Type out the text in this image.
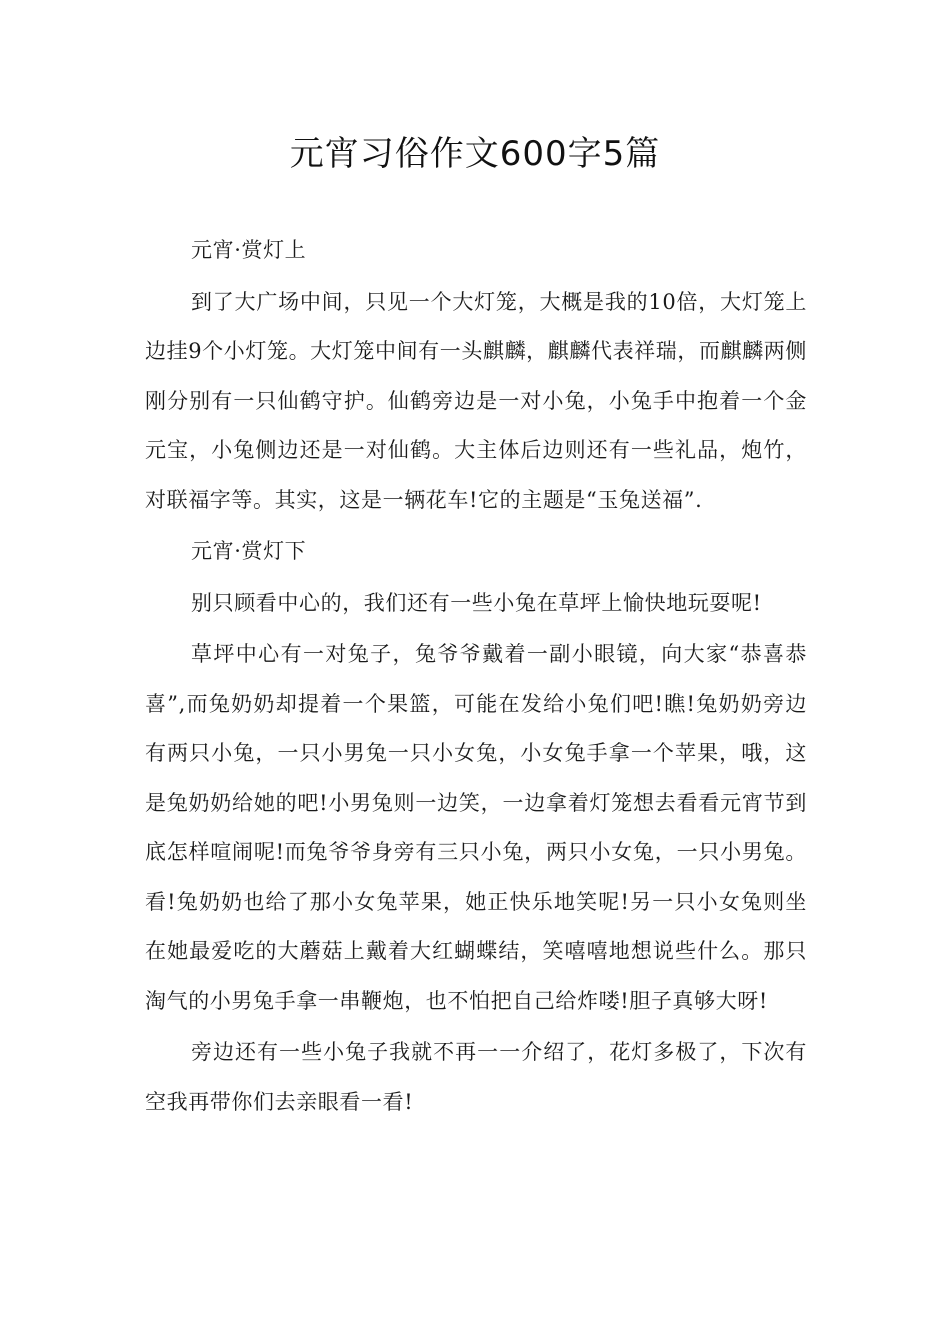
元宵习俗作文600字5篇

元宵·赏灯上

到了大广场中间，只见一个大灯笼，大概是我的10倍，大灯笼上边挂9个小灯笼。大灯笼中间有一头麒麟，麒麟代表祥瑞，而麒麟两侧刚分别有一只仙鹤守护。仙鹤旁边是一对小兔，小兔手中抱着一个金元宝，小兔侧边还是一对仙鹤。大主体后边则还有一些礼品，炮竹，对联福字等。其实，这是一辆花车!它的主题是“玉兔送福”.

元宵·赏灯下

别只顾看中心的，我们还有一些小兔在草坪上愉快地玩耍呢!

草坪中心有一对兔子，兔爷爷戴着一副小眼镜，向大家“恭喜恭喜”,而兔奶奶却提着一个果篮，可能在发给小兔们吧!瞧!兔奶奶旁边有两只小兔，一只小男兔一只小女兔，小女兔手拿一个苹果，哦，这是兔奶奶给她的吧!小男兔则一边笑，一边拿着灯笼想去看看元宵节到底怎样喧闹呢!而兔爷爷身旁有三只小兔，两只小女兔，一只小男兔。看!兔奶奶也给了那小女兔苹果，她正快乐地笑呢!另一只小女兔则坐在她最爱吃的大蘑菇上戴着大红蝴蝶结，笑嘻嘻地想说些什么。那只淘气的小男兔手拿一串鞭炮，也不怕把自己给炸喽!胆子真够大呀!

旁边还有一些小兔子我就不再一一介绍了，花灯多极了，下次有空我再带你们去亲眼看一看!
